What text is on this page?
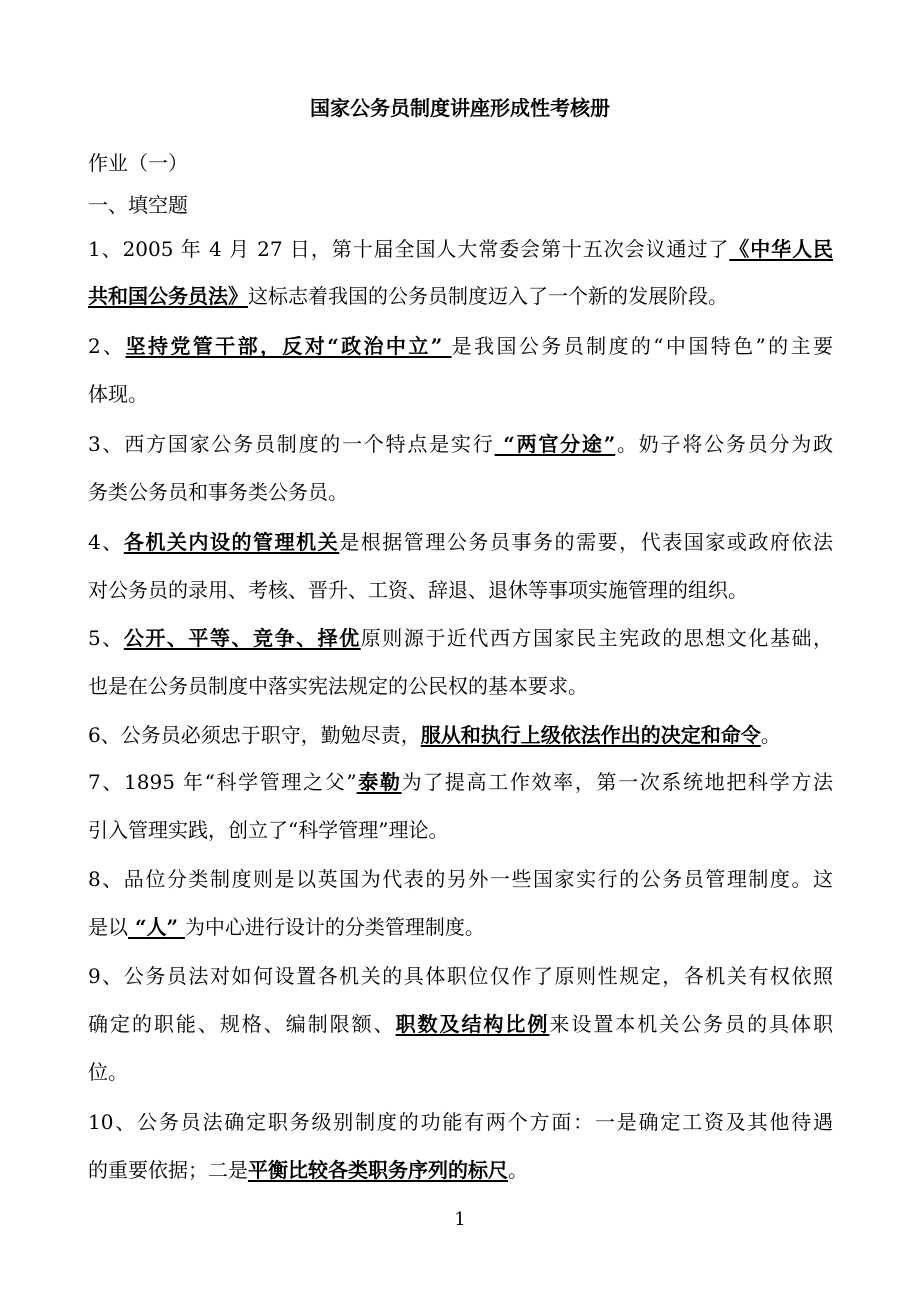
国家公务员制度讲座形成性考核册
作业（一）
一、填空题
1、2005 年 4 月 27 日，第十届全国人大常委会第十五次会议通过了《中华人民
共和国公务员法》这标志着我国的公务员制度迈入了一个新的发展阶段。
2、坚持党管干部，反对“政治中立” 是我国公务员制度的“中国特色”的主要
体现。
3、西方国家公务员制度的一个特点是实行 “两官分途”。奶子将公务员分为政
务类公务员和事务类公务员。
4、各机关内设的管理机关是根据管理公务员事务的需要，代表国家或政府依法
对公务员的录用、考核、晋升、工资、辞退、退休等事项实施管理的组织。
5、公开、平等、竞争、择优原则源于近代西方国家民主宪政的思想文化基础，
也是在公务员制度中落实宪法规定的公民权的基本要求。
6、公务员必须忠于职守，勤勉尽责，服从和执行上级依法作出的决定和命令。
7、1895 年“科学管理之父”泰勒为了提高工作效率，第一次系统地把科学方法
引入管理实践，创立了“科学管理”理论。
8、品位分类制度则是以英国为代表的另外一些国家实行的公务员管理制度。这
是以 “人” 为中心进行设计的分类管理制度。
9、公务员法对如何设置各机关的具体职位仅作了原则性规定，各机关有权依照
确定的职能、规格、编制限额、职数及结构比例来设置本机关公务员的具体职
位。
10、公务员法确定职务级别制度的功能有两个方面：一是确定工资及其他待遇
的重要依据；二是平衡比较各类职务序列的标尺。
1
